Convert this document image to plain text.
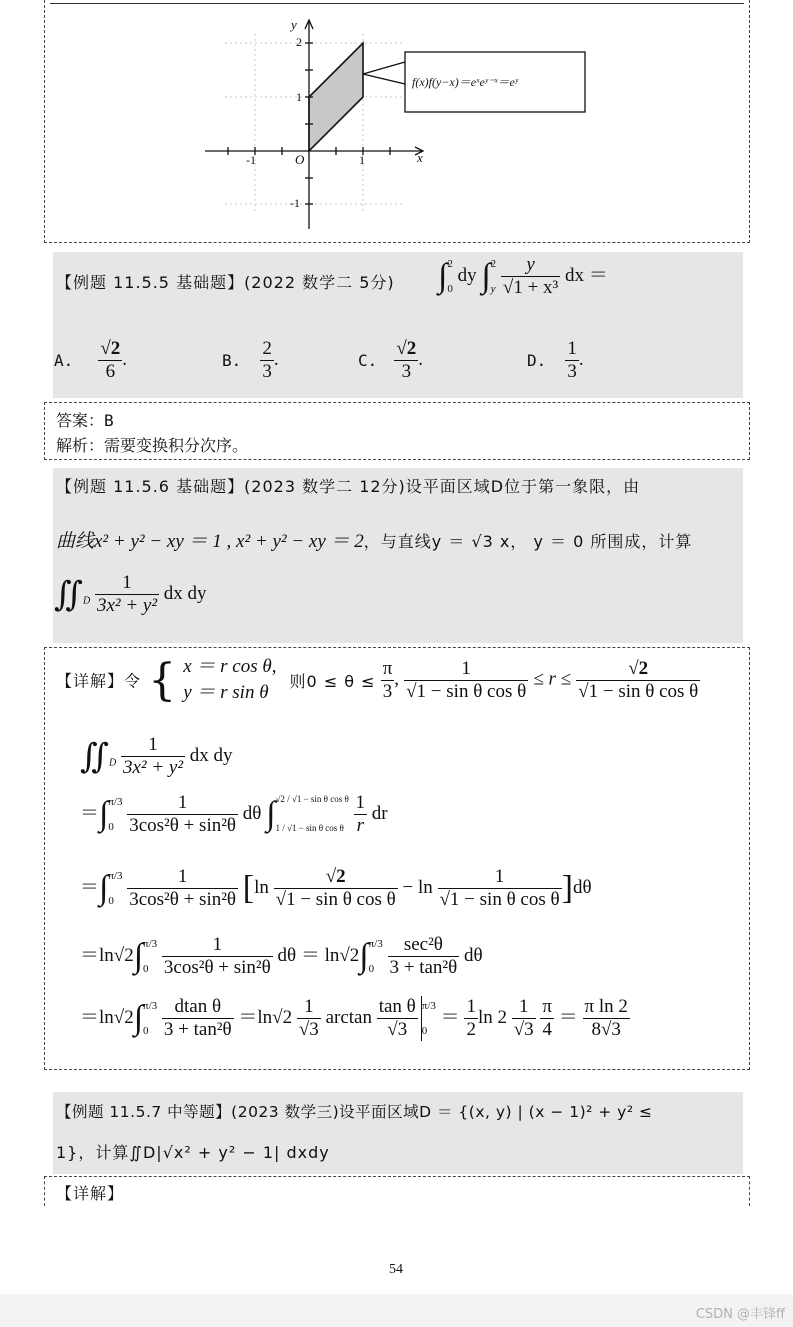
y
x
O
-1	1
2
1
-1
f(x)f(y−x)＝eˣeʸ⁻ˣ＝eʸ
【例题 11.5.5 基础题】(2022 数学二 5分) ∫2

0 dy ∫2

y $\frac{y}{\text{√1 + x³}}$ dx ＝
A. $\frac{√2}{6}$ .	B. $\frac{2}{3}$ .	C. $\frac{√2}{3}$ .	D. $\frac{1}{3}$ .
答案：B
解析：需要变换积分次序。
【例题 11.5.6 基础题】(2023 数学二 12分)设平面区域D位于第一象限，由
曲线x² + y² − xy ＝ 1 , x² + y² − xy ＝ 2，与直线y ＝ √3 x， y ＝ 0 所围成，计算
$∬_D \frac{1}{\text{3x² + y²}}$ dx dy
【详解】令 { x ＝ r cos θ,
y ＝ r sin θ 则$0 \le \theta \le \frac{\pi}{3}$ , $\frac{1}{\text{√1 − sin θ cos θ}} \le r \le \frac{√2}{\text{√1 − sin θ cos θ}}$
$∬_D \frac{1}{\text{3x² + y²}}$ dx dy
＝∫π/3

$0 \frac{1}{\text{3cos²θ + sin²θ}}$ dθ ∫√2 / √1 − sin θ cos θ

1 / √1 − sin θ cos θ $\frac{1}{r}$ dr
＝∫π/3

$0 \frac{1}{\text{3cos²θ + sin²θ}} [\ln \frac{√2}{\text{√1 − sin θ cos θ}} - \ln \frac{1}{\text{√1 − sin θ cos θ}} ]d\theta$
＝ln√2∫π/3

$0 \frac{1}{\text{3cos²θ + sin²θ}}$ dθ ＝ ln√2∫π/3

$0 \frac{\text{sec²θ}}{\text{3 + tan²θ}}$ dθ
＝ln√2∫π/3

$0 \frac{\text{dtan θ}}{\text{3 + tan²θ}} =\ln√2 \frac{1}{√3}$ $\arctan \frac{\text{tan θ}}{√3} \pi/3$

$0 = \frac{1}{2}$ $\ln 2 \frac{1}{√3}$
$\frac{\pi}{4} = \frac{\text{π ln 2}}{8√3}$
【例题 11.5.7 中等题】(2023 数学三)设平面区域D ＝ {(x, y) | (x − 1)² + y² ≤
1}，计算∬D|√x² + y² − 1| dxdy
【详解】
54
CSDN @丰锋ff
